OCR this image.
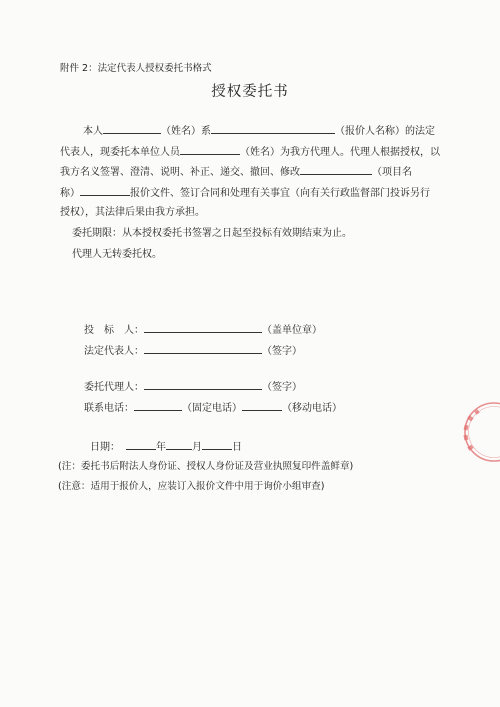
附件 2：法定代表人授权委托书格式
授权委托书
本人	（姓名）系	（报价人名称）的法定
代表人，现委托本单位人员	（姓名）为我方代理人。代理人根据授权，以
我方名义签署、澄清、说明、补正、递交、撤回、修改	（项目名
称）	报价文件、签订合同和处理有关事宜（向有关行政监督部门投诉另行
授权），其法律后果由我方承担。
委托期限：从本授权委托书签署之日起至投标有效期结束为止。
代理人无转委托权。
投　标　人：	（盖单位章）
法定代表人：	（签字）
委托代理人：	（签字）
联系电话：	（固定电话）	（移动电话）
日期：	年	月	日
(注：委托书后附法人身份证、授权人身份证及营业执照复印件盖鲜章)
(注意：适用于报价人，应装订入报价文件中用于询价小组审查)
